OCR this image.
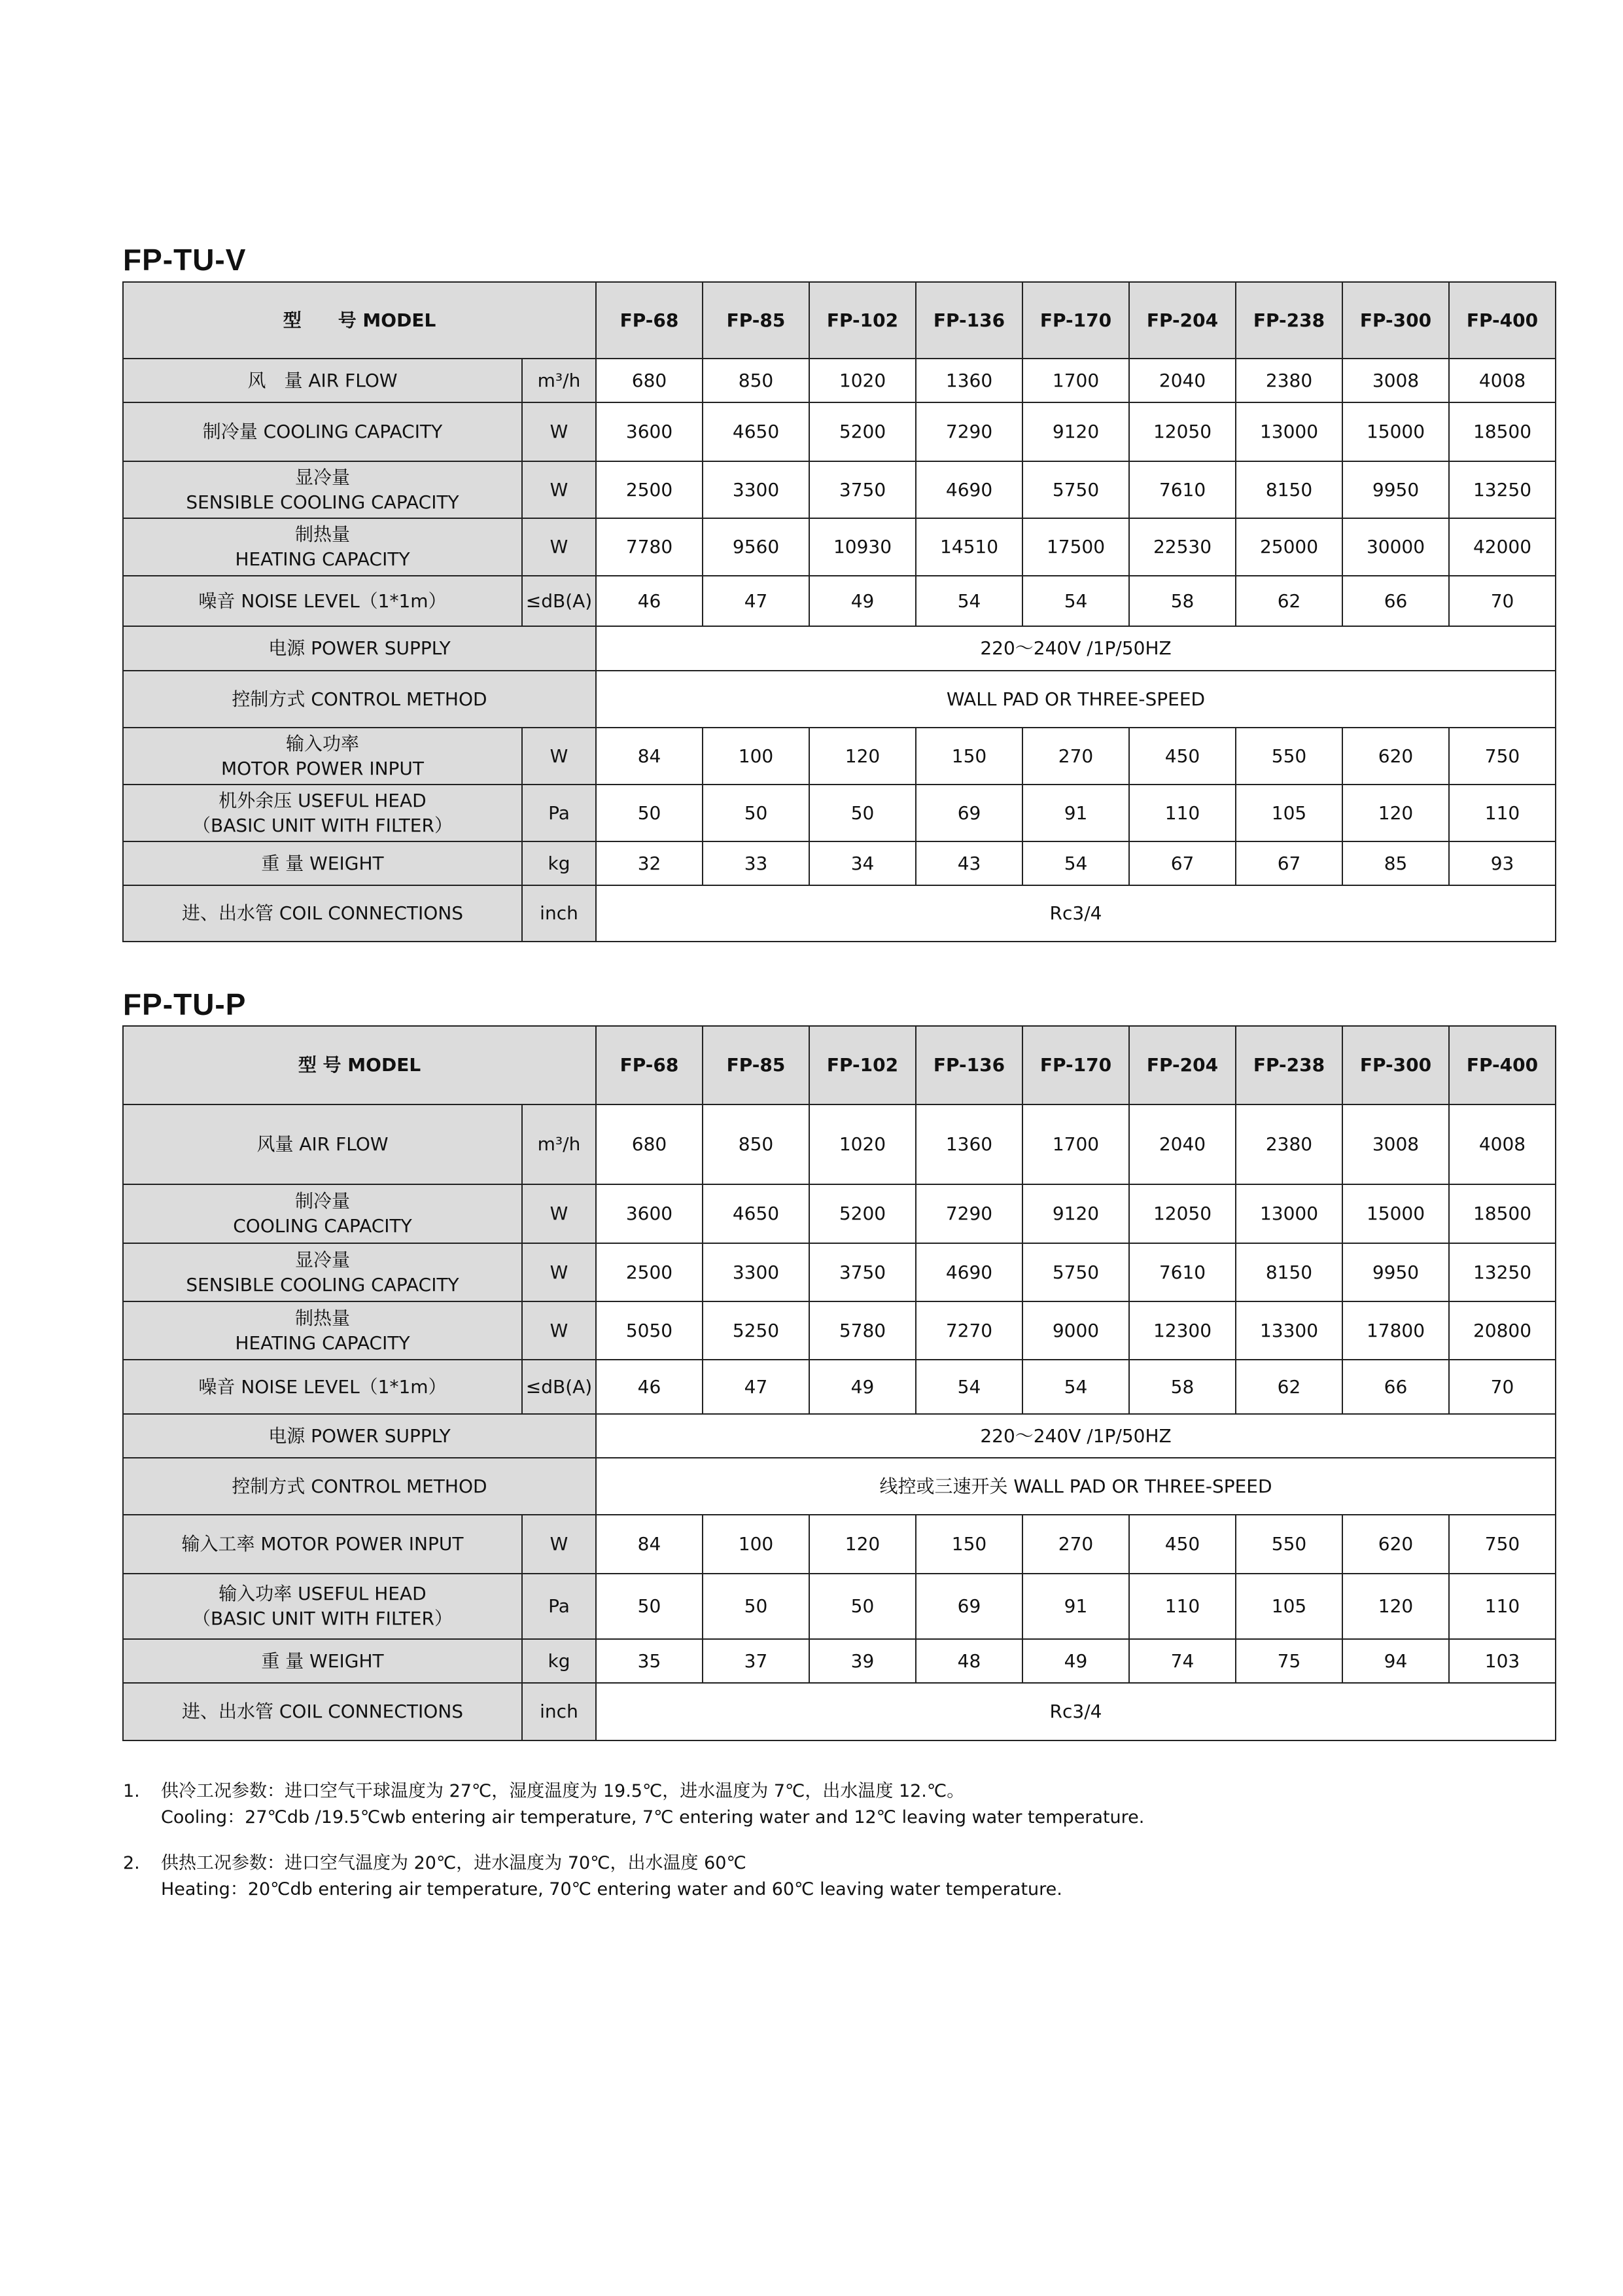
FP-TU-V
型　　号 MODEL		FP-68	FP-85	FP-102	FP-136	FP-170	FP-204	FP-238	FP-300	FP-400

风　量 AIR FLOW	m³/h	680	850	1020	1360	1700	2040	2380	3008	4008

制冷量 COOLING CAPACITY	W	3600	4650	5200	7290	9120	12050	13000	15000	18500

显冷量
SENSIBLE COOLING CAPACITY	W	2500	3300	3750	4690	5750	7610	8150	9950	13250

制热量
HEATING CAPACITY	W	7780	9560	10930	14510	17500	22530	25000	30000	42000

噪音 NOISE LEVEL（1*1m）	≤dB(A)	46	47	49	54	54	58	62	66	70

电源 POWER SUPPLY		220～240V /1P/50HZ								

控制方式 CONTROL METHOD		WALL PAD OR THREE-SPEED								

输入功率
MOTOR POWER INPUT	W	84	100	120	150	270	450	550	620	750

机外余压 USEFUL HEAD
（BASIC UNIT WITH FILTER）	Pa	50	50	50	69	91	110	105	120	110

重 量 WEIGHT	kg	32	33	34	43	54	67	67	85	93

进、出水管 COIL CONNECTIONS	inch	Rc3/4								
FP-TU-P
型 号 MODEL		FP-68	FP-85	FP-102	FP-136	FP-170	FP-204	FP-238	FP-300	FP-400

风量 AIR FLOW	m³/h	680	850	1020	1360	1700	2040	2380	3008	4008

制冷量
COOLING CAPACITY	W	3600	4650	5200	7290	9120	12050	13000	15000	18500

显冷量
SENSIBLE COOLING CAPACITY	W	2500	3300	3750	4690	5750	7610	8150	9950	13250

制热量
HEATING CAPACITY	W	5050	5250	5780	7270	9000	12300	13300	17800	20800

噪音 NOISE LEVEL（1*1m）	≤dB(A)	46	47	49	54	54	58	62	66	70

电源 POWER SUPPLY		220～240V /1P/50HZ								

控制方式 CONTROL METHOD		线控或三速开关 WALL PAD OR THREE-SPEED								

输入工率 MOTOR POWER INPUT	W	84	100	120	150	270	450	550	620	750

输入功率 USEFUL HEAD
（BASIC UNIT WITH FILTER）	Pa	50	50	50	69	91	110	105	120	110

重 量 WEIGHT	kg	35	37	39	48	49	74	75	94	103

进、出水管 COIL CONNECTIONS	inch	Rc3/4								
1. 供冷工况参数：进口空气干球温度为 27℃，湿度温度为 19.5℃，进水温度为 7℃，出水温度 12.℃。
Cooling：27℃db /19.5℃wb entering air temperature, 7℃ entering water and 12℃ leaving water temperature.
2. 供热工况参数：进口空气温度为 20℃，进水温度为 70℃，出水温度 60℃
Heating：20℃db entering air temperature, 70℃ entering water and 60℃ leaving water temperature.
